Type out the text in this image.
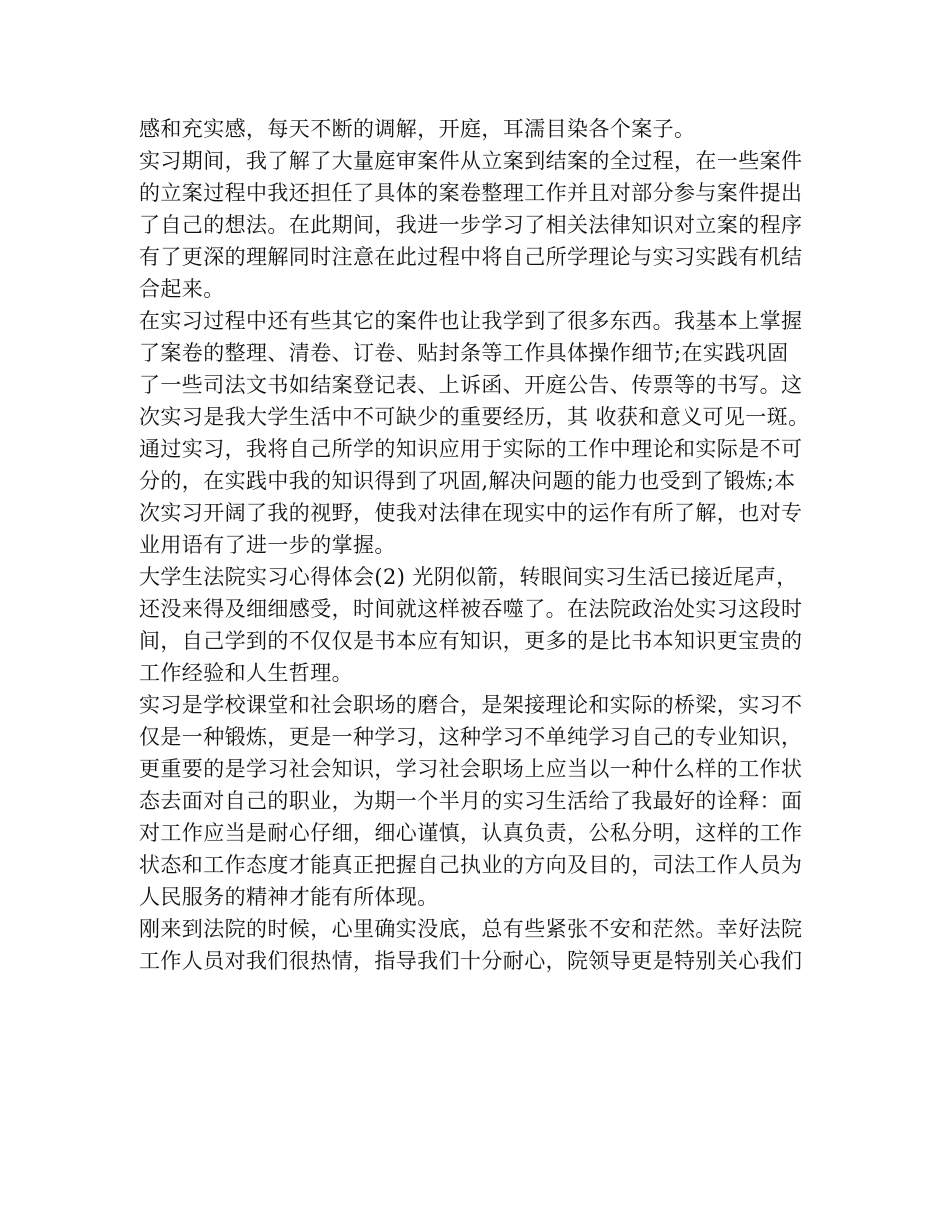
感和充实感，每天不断的调解，开庭，耳濡目染各个案子。
实习期间，我了解了大量庭审案件从立案到结案的全过程，在一些案件
的立案过程中我还担任了具体的案卷整理工作并且对部分参与案件提出
了自己的想法。在此期间，我进一步学习了相关法律知识对立案的程序
有了更深的理解同时注意在此过程中将自己所学理论与实习实践有机结
合起来。
在实习过程中还有些其它的案件也让我学到了很多东西。我基本上掌握
了案卷的整理、清卷、订卷、贴封条等工作具体操作细节;在实践巩固
了一些司法文书如结案登记表、上诉函、开庭公告、传票等的书写。这
次实习是我大学生活中不可缺少的重要经历，其 收获和意义可见一斑。
通过实习，我将自己所学的知识应用于实际的工作中理论和实际是不可
分的，在实践中我的知识得到了巩固,解决问题的能力也受到了锻炼;本
次实习开阔了我的视野，使我对法律在现实中的运作有所了解，也对专
业用语有了进一步的掌握。
大学生法院实习心得体会(2) 光阴似箭，转眼间实习生活已接近尾声，
还没来得及细细感受，时间就这样被吞噬了。在法院政治处实习这段时
间，自己学到的不仅仅是书本应有知识，更多的是比书本知识更宝贵的
工作经验和人生哲理。
实习是学校课堂和社会职场的磨合，是架接理论和实际的桥梁，实习不
仅是一种锻炼，更是一种学习，这种学习不单纯学习自己的专业知识，
更重要的是学习社会知识，学习社会职场上应当以一种什么样的工作状
态去面对自己的职业，为期一个半月的实习生活给了我最好的诠释：面
对工作应当是耐心仔细，细心谨慎，认真负责，公私分明，这样的工作
状态和工作态度才能真正把握自己执业的方向及目的，司法工作人员为
人民服务的精神才能有所体现。
刚来到法院的时候，心里确实没底，总有些紧张不安和茫然。幸好法院
工作人员对我们很热情，指导我们十分耐心，院领导更是特别关心我们
